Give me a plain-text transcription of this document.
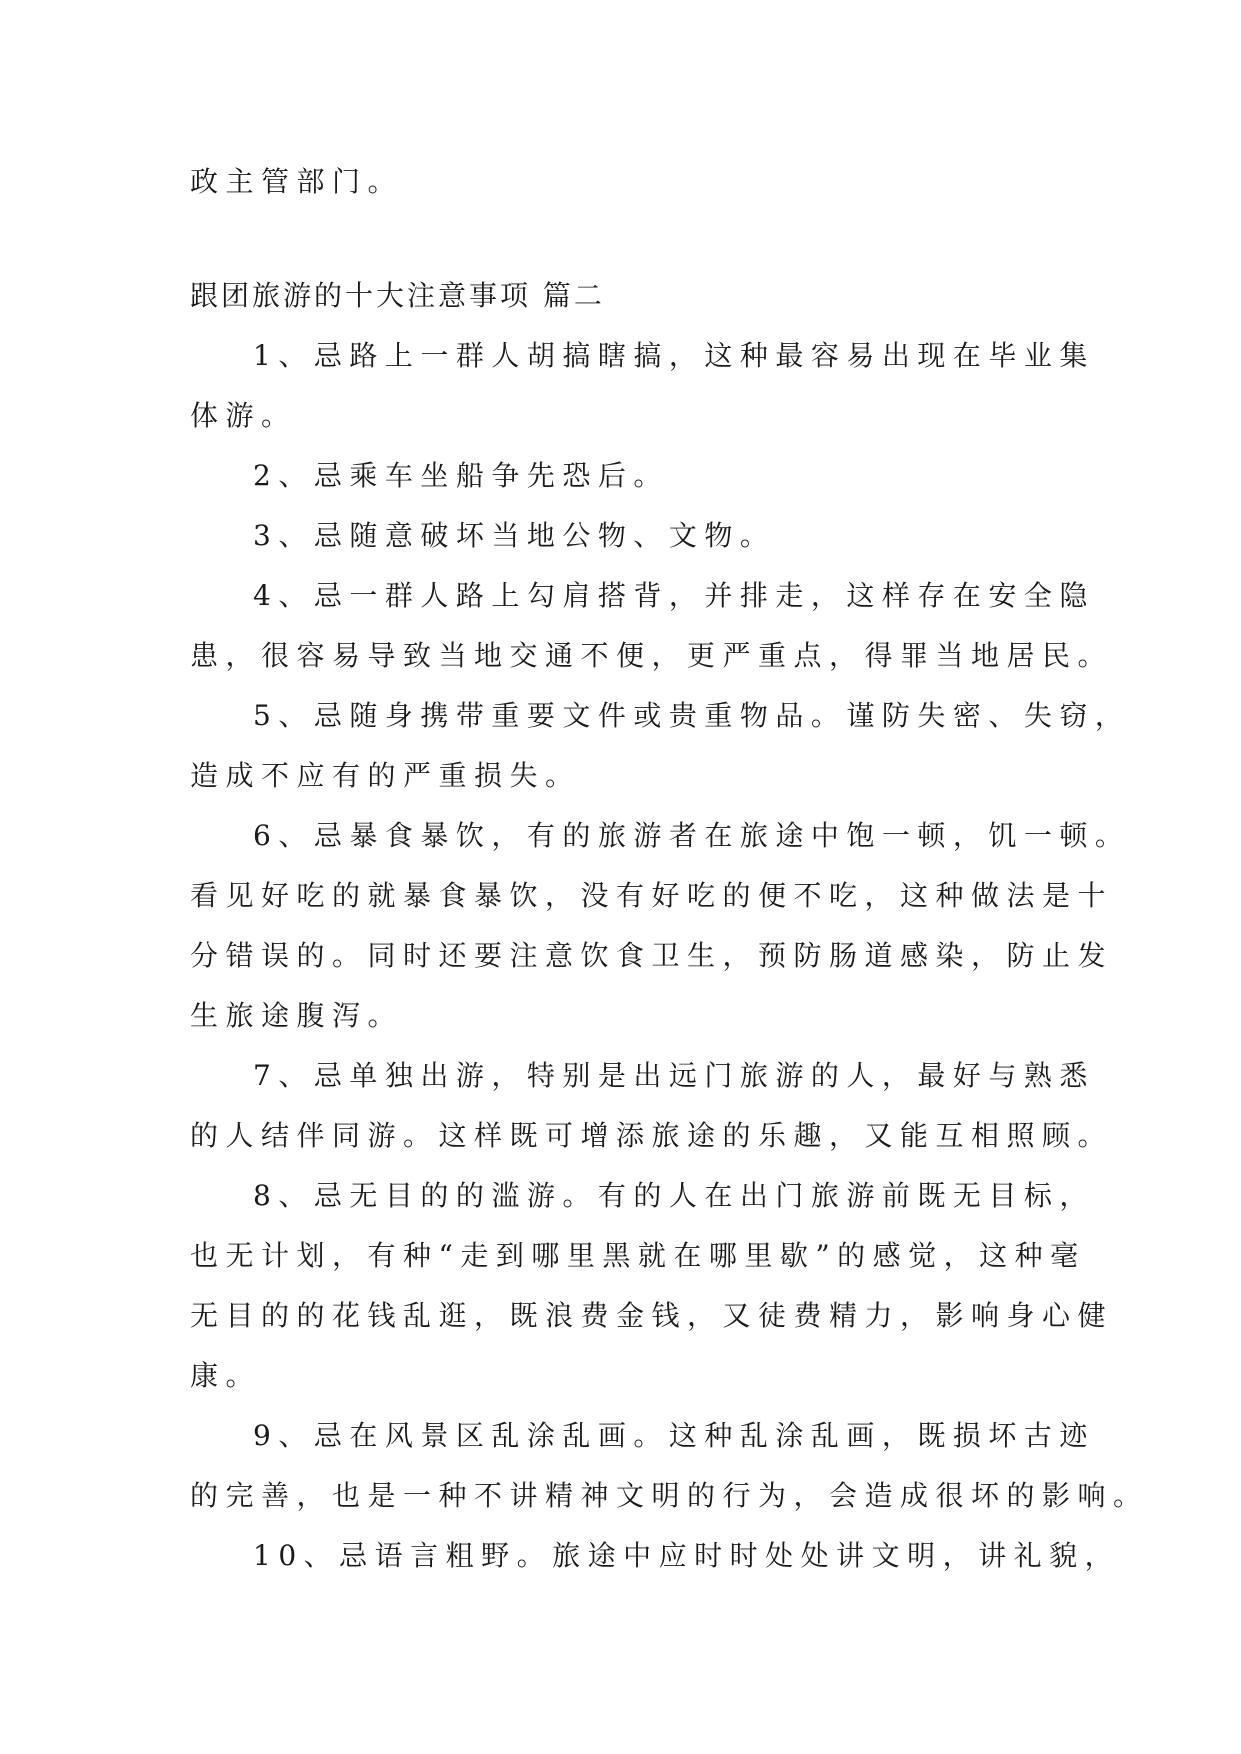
政主管部门。

跟团旅游的十大注意事项 篇二

1、忌路上一群人胡搞瞎搞，这种最容易出现在毕业集

体游。

2、忌乘车坐船争先恐后。

3、忌随意破坏当地公物、文物。

4、忌一群人路上勾肩搭背，并排走，这样存在安全隐

患，很容易导致当地交通不便，更严重点，得罪当地居民。

5、忌随身携带重要文件或贵重物品。谨防失密、失窃，

造成不应有的严重损失。

6、忌暴食暴饮，有的旅游者在旅途中饱一顿，饥一顿。

看见好吃的就暴食暴饮，没有好吃的便不吃，这种做法是十

分错误的。同时还要注意饮食卫生，预防肠道感染，防止发

生旅途腹泻。

7、忌单独出游，特别是出远门旅游的人，最好与熟悉

的人结伴同游。这样既可增添旅途的乐趣，又能互相照顾。

8、忌无目的的滥游。有的人在出门旅游前既无目标，

也无计划，有种“走到哪里黑就在哪里歇”的感觉，这种毫

无目的的花钱乱逛，既浪费金钱，又徒费精力，影响身心健

康。

9、忌在风景区乱涂乱画。这种乱涂乱画，既损坏古迹

的完善，也是一种不讲精神文明的行为，会造成很坏的影响。

10、忌语言粗野。旅途中应时时处处讲文明，讲礼貌，
